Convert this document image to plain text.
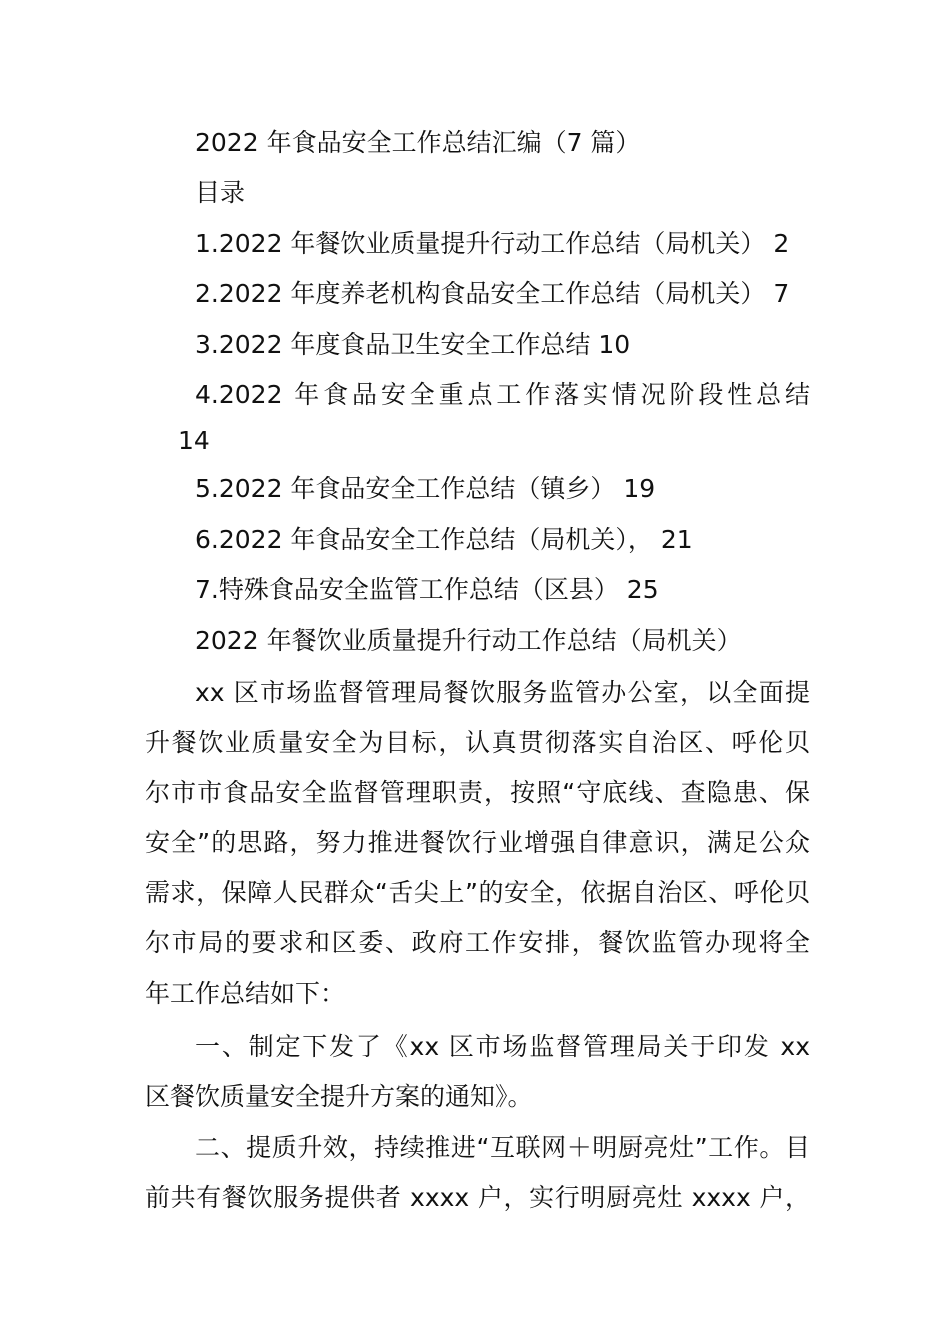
2022 年食品安全工作总结汇编（7 篇）
目录
1.2022 年餐饮业质量提升行动工作总结（局机关） 2
2.2022 年度养老机构食品安全工作总结（局机关） 7
3.2022 年度食品卫生安全工作总结 10
4.2022 年食品安全重点工作落实情况阶段性总结
14
5.2022 年食品安全工作总结（镇乡） 19
6.2022 年食品安全工作总结（局机关）， 21
7.特殊食品安全监管工作总结（区县） 25
2022 年餐饮业质量提升行动工作总结（局机关）
xx 区市场监督管理局餐饮服务监管办公室，以全面提
升餐饮业质量安全为目标，认真贯彻落实自治区、呼伦贝
尔市市食品安全监督管理职责，按照“守底线、查隐患、保
安全”的思路，努力推进餐饮行业增强自律意识，满足公众
需求，保障人民群众“舌尖上”的安全，依据自治区、呼伦贝
尔市局的要求和区委、政府工作安排，餐饮监管办现将全
年工作总结如下：
一、制定下发了《xx 区市场监督管理局关于印发 xx
区餐饮质量安全提升方案的通知》。
二、提质升效，持续推进“互联网＋明厨亮灶”工作。目
前共有餐饮服务提供者 xxxx 户，实行明厨亮灶 xxxx 户，
